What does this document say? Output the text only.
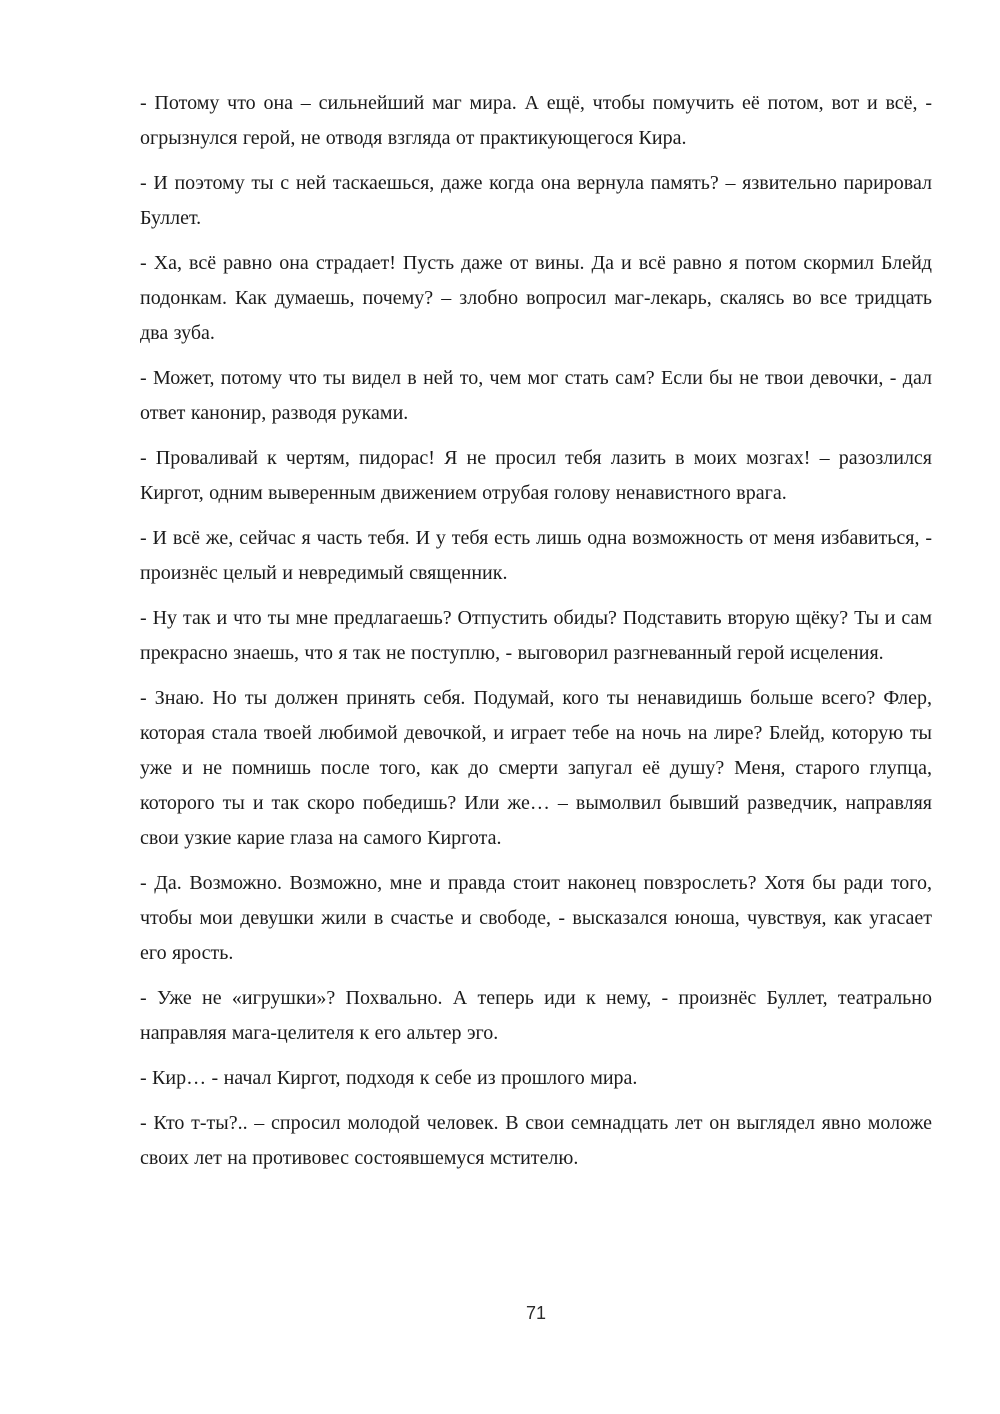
- Потому что она – сильнейший маг мира. А ещё, чтобы помучить её потом, вот и всё, - огрызнулся герой, не отводя взгляда от практикующегося Кира.

- И поэтому ты с ней таскаешься, даже когда она вернула память? – язвительно парировал Буллет.

- Ха, всё равно она страдает! Пусть даже от вины. Да и всё равно я потом скормил Блейд подонкам. Как думаешь, почему? – злобно вопросил маг-лекарь, скалясь во все тридцать два зуба.

- Может, потому что ты видел в ней то, чем мог стать сам? Если бы не твои девочки, - дал ответ канонир, разводя руками.

- Проваливай к чертям, пидорас! Я не просил тебя лазить в моих мозгах! – разозлился Киргот, одним выверенным движением отрубая голову ненавистного врага.

- И всё же, сейчас я часть тебя. И у тебя есть лишь одна возможность от меня избавиться, - произнёс целый и невредимый священник.

- Ну так и что ты мне предлагаешь? Отпустить обиды? Подставить вторую щёку? Ты и сам прекрасно знаешь, что я так не поступлю, - выговорил разгневанный герой исцеления.

- Знаю. Но ты должен принять себя. Подумай, кого ты ненавидишь больше всего? Флер, которая стала твоей любимой девочкой, и играет тебе на ночь на лире? Блейд, которую ты уже и не помнишь после того, как до смерти запугал её душу? Меня, старого глупца, которого ты и так скоро победишь? Или же… – вымолвил бывший разведчик, направляя свои узкие карие глаза на самого Киргота.

- Да. Возможно. Возможно, мне и правда стоит наконец повзрослеть? Хотя бы ради того, чтобы мои девушки жили в счастье и свободе, - высказался юноша, чувствуя, как угасает его ярость.

- Уже не «игрушки»? Похвально. А теперь иди к нему, - произнёс Буллет, театрально направляя мага-целителя к его альтер эго.

- Кир… - начал Киргот, подходя к себе из прошлого мира.

- Кто т-ты?.. – спросил молодой человек. В свои семнадцать лет он выглядел явно моложе своих лет на противовес состоявшемуся мстителю.

71
